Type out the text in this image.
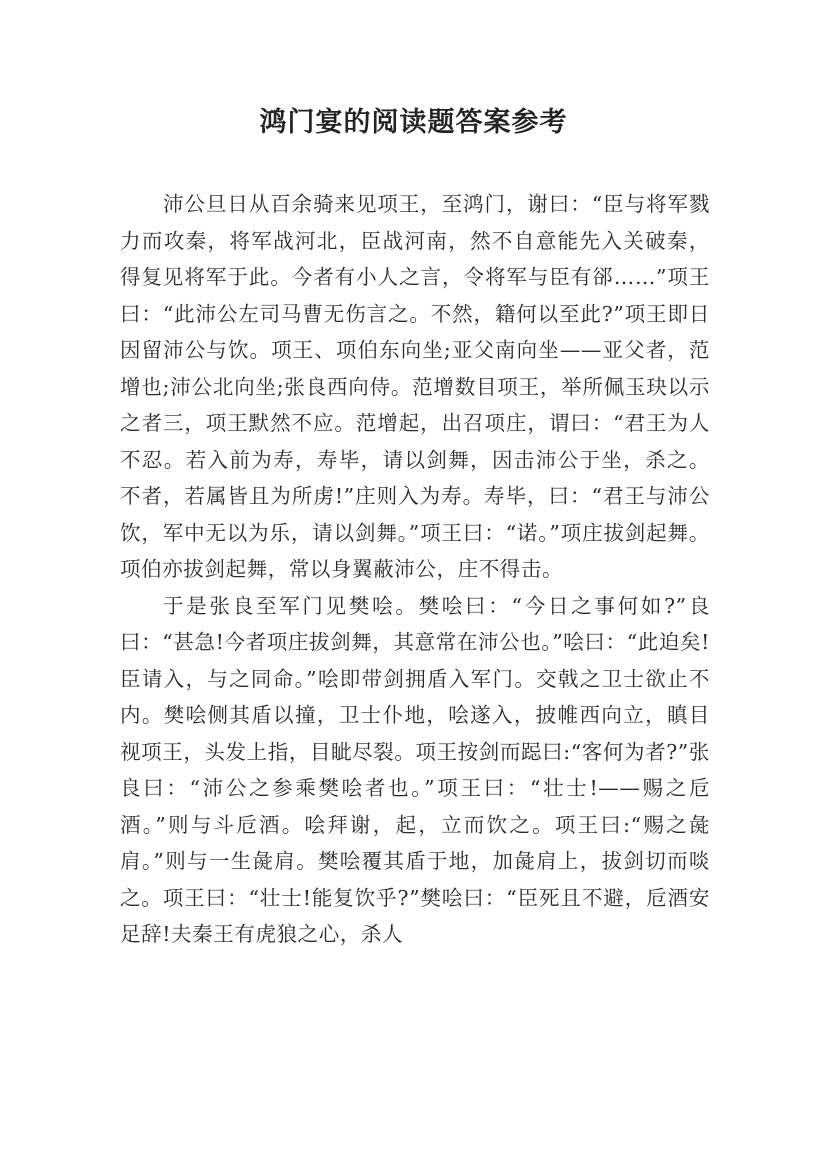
鸿门宴的阅读题答案参考

沛公旦日从百余骑来见项王，至鸿门，谢曰：“臣与将军戮力而攻秦，将军战河北，臣战河南，然不自意能先入关破秦，得复见将军于此。今者有小人之言，令将军与臣有郤……”项王曰：“此沛公左司马曹无伤言之。不然，籍何以至此?”项王即日因留沛公与饮。项王、项伯东向坐;亚父南向坐——亚父者，范增也;沛公北向坐;张良西向侍。范增数目项王，举所佩玉玦以示之者三，项王默然不应。范增起，出召项庄，谓曰：“君王为人不忍。若入前为寿，寿毕，请以剑舞，因击沛公于坐，杀之。不者，若属皆且为所虏!”庄则入为寿。寿毕，曰：“君王与沛公饮，军中无以为乐，请以剑舞。”项王曰：“诺。”项庄拔剑起舞。项伯亦拔剑起舞，常以身翼蔽沛公，庄不得击。

于是张良至军门见樊哙。樊哙曰：“今日之事何如?”良曰：“甚急!今者项庄拔剑舞，其意常在沛公也。”哙曰：“此迫矣!臣请入，与之同命。”哙即带剑拥盾入军门。交戟之卫士欲止不内。樊哙侧其盾以撞，卫士仆地，哙遂入，披帷西向立，瞋目视项王，头发上指，目眦尽裂。项王按剑而跽曰:“客何为者?”张良曰：“沛公之参乘樊哙者也。”项王曰：“壮士!——赐之卮酒。”则与斗卮酒。哙拜谢，起，立而饮之。项王曰:“赐之彘肩。”则与一生彘肩。樊哙覆其盾于地，加彘肩上，拔剑切而啖之。项王曰：“壮士!能复饮乎?”樊哙曰：“臣死且不避，卮酒安足辞!夫秦王有虎狼之心，杀人
